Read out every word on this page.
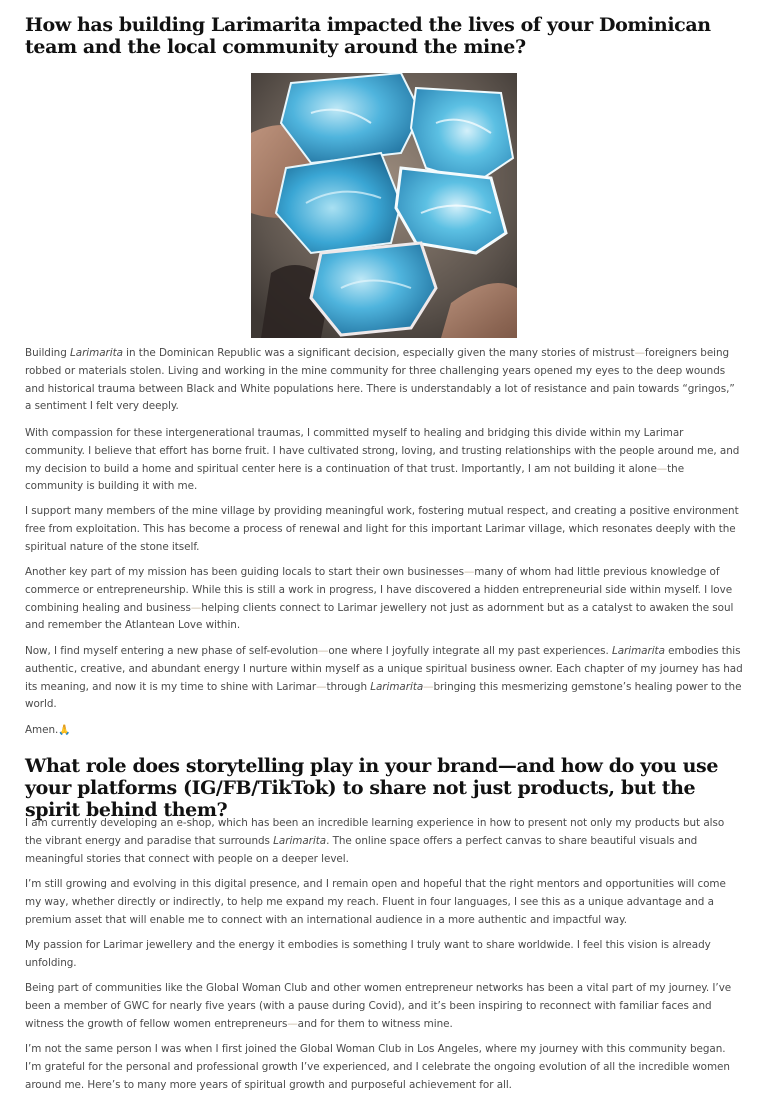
How has building Larimarita impacted the lives of your Dominican team and the local community around the mine?

Building Larimarita in the Dominican Republic was a significant decision, especially given the many stories of mistrust—foreigners being robbed or materials stolen. Living and working in the mine community for three challenging years opened my eyes to the deep wounds and historical trauma between Black and White populations here. There is understandably a lot of resistance and pain towards “gringos,” a sentiment I felt very deeply.

With compassion for these intergenerational traumas, I committed myself to healing and bridging this divide within my Larimar community. I believe that effort has borne fruit. I have cultivated strong, loving, and trusting relationships with the people around me, and my decision to build a home and spiritual center here is a continuation of that trust. Importantly, I am not building it alone—the community is building it with me.

I support many members of the mine village by providing meaningful work, fostering mutual respect, and creating a positive environment free from exploitation. This has become a process of renewal and light for this important Larimar village, which resonates deeply with the spiritual nature of the stone itself.

Another key part of my mission has been guiding locals to start their own businesses—many of whom had little previous knowledge of commerce or entrepreneurship. While this is still a work in progress, I have discovered a hidden entrepreneurial side within myself. I love combining healing and business—helping clients connect to Larimar jewellery not just as adornment but as a catalyst to awaken the soul and remember the Atlantean Love within.

Now, I find myself entering a new phase of self-evolution—one where I joyfully integrate all my past experiences. Larimarita embodies this authentic, creative, and abundant energy I nurture within myself as a unique spiritual business owner. Each chapter of my journey has had its meaning, and now it is my time to shine with Larimar—through Larimarita—bringing this mesmerizing gemstone’s healing power to the world.

Amen.🙏

What role does storytelling play in your brand—and how do you use your platforms (IG/FB/TikTok) to share not just products, but the spirit behind them?

I am currently developing an e-shop, which has been an incredible learning experience in how to present not only my products but also the vibrant energy and paradise that surrounds Larimarita. The online space offers a perfect canvas to share beautiful visuals and meaningful stories that connect with people on a deeper level.

I’m still growing and evolving in this digital presence, and I remain open and hopeful that the right mentors and opportunities will come my way, whether directly or indirectly, to help me expand my reach. Fluent in four languages, I see this as a unique advantage and a premium asset that will enable me to connect with an international audience in a more authentic and impactful way.

My passion for Larimar jewellery and the energy it embodies is something I truly want to share worldwide. I feel this vision is already unfolding.

Being part of communities like the Global Woman Club and other women entrepreneur networks has been a vital part of my journey. I’ve been a member of GWC for nearly five years (with a pause during Covid), and it’s been inspiring to reconnect with familiar faces and witness the growth of fellow women entrepreneurs—and for them to witness mine.

I’m not the same person I was when I first joined the Global Woman Club in Los Angeles, where my journey with this community began. I’m grateful for the personal and professional growth I’ve experienced, and I celebrate the ongoing evolution of all the incredible women around me. Here’s to many more years of spiritual growth and purposeful achievement for all.
